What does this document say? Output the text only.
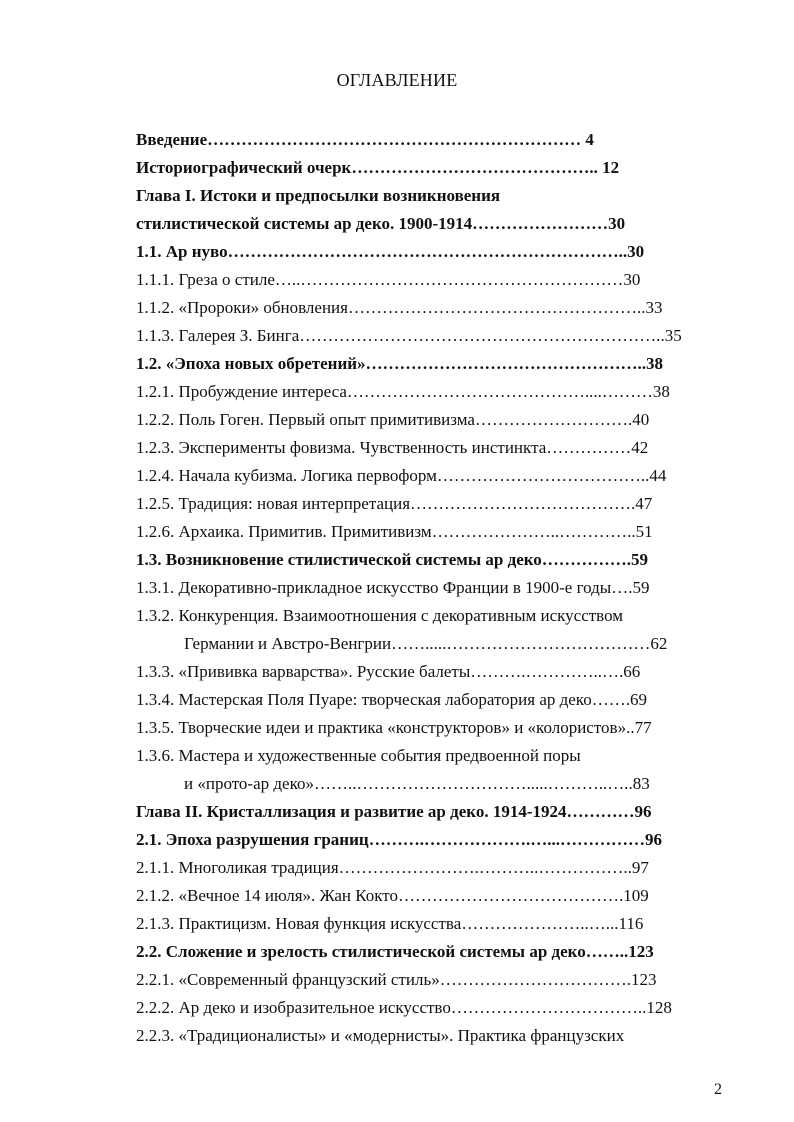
ОГЛАВЛЕНИЕ
Введение………………………………………………………… 4
Историографический очерк…………………………………….. 12
Глава I. Истоки и предпосылки возникновения
стилистической системы ар деко. 1900-1914……………………30
1.1. Ар нуво……………………………………………………………..30
1.1.1. Греза о стиле…..…………………………………………………30
1.1.2. «Пророки» обновления……………………………………………..33
1.1.3. Галерея З. Бинга………………………………………………………..35
1.2. «Эпоха новых обретений»…………………………………………..38
1.2.1. Пробуждение интереса……………………………………....………38
1.2.2. Поль Гоген. Первый опыт примитивизма……………………….40
1.2.3. Эксперименты фовизма. Чувственность инстинкта……………42
1.2.4. Начала кубизма. Логика первоформ………………………………..44
1.2.5. Традиция: новая интерпретация………………………………….47
1.2.6. Архаика. Примитив. Примитивизм…………………..…………..51
1.3. Возникновение стилистической системы ар деко…………….59
1.3.1. Декоративно-прикладное искусство Франции в 1900-е годы….59
1.3.2. Конкуренция. Взаимоотношения с декоративным искусством
Германии и Австро-Венгрии…….....………………………………62
1.3.3. «Прививка варварства». Русские балеты……….…………..….66
1.3.4. Мастерская Поля Пуаре: творческая лаборатория ар деко…….69
1.3.5. Творческие идеи и практика «конструкторов» и «колористов»..77
1.3.6. Мастера и художественные события предвоенной поры
и «прото-ар деко»……..………………………….....………..…..83
Глава II. Кристаллизация и развитие ар деко. 1914-1924…………96
2.1. Эпоха разрушения границ……….……………….…...……………96
2.1.1. Многоликая традиция…………………….………..……………..97
2.1.2. «Вечное 14 июля». Жан Кокто………………………………….109
2.1.3. Практицизм. Новая функция искусства…………………..…...116
2.2. Сложение и зрелость стилистической системы ар деко……..123
2.2.1. «Современный французский стиль»…………………………….123
2.2.2. Ар деко и изобразительное искусство……………………………..128
2.2.3. «Традиционалисты» и «модернисты». Практика французских
2
